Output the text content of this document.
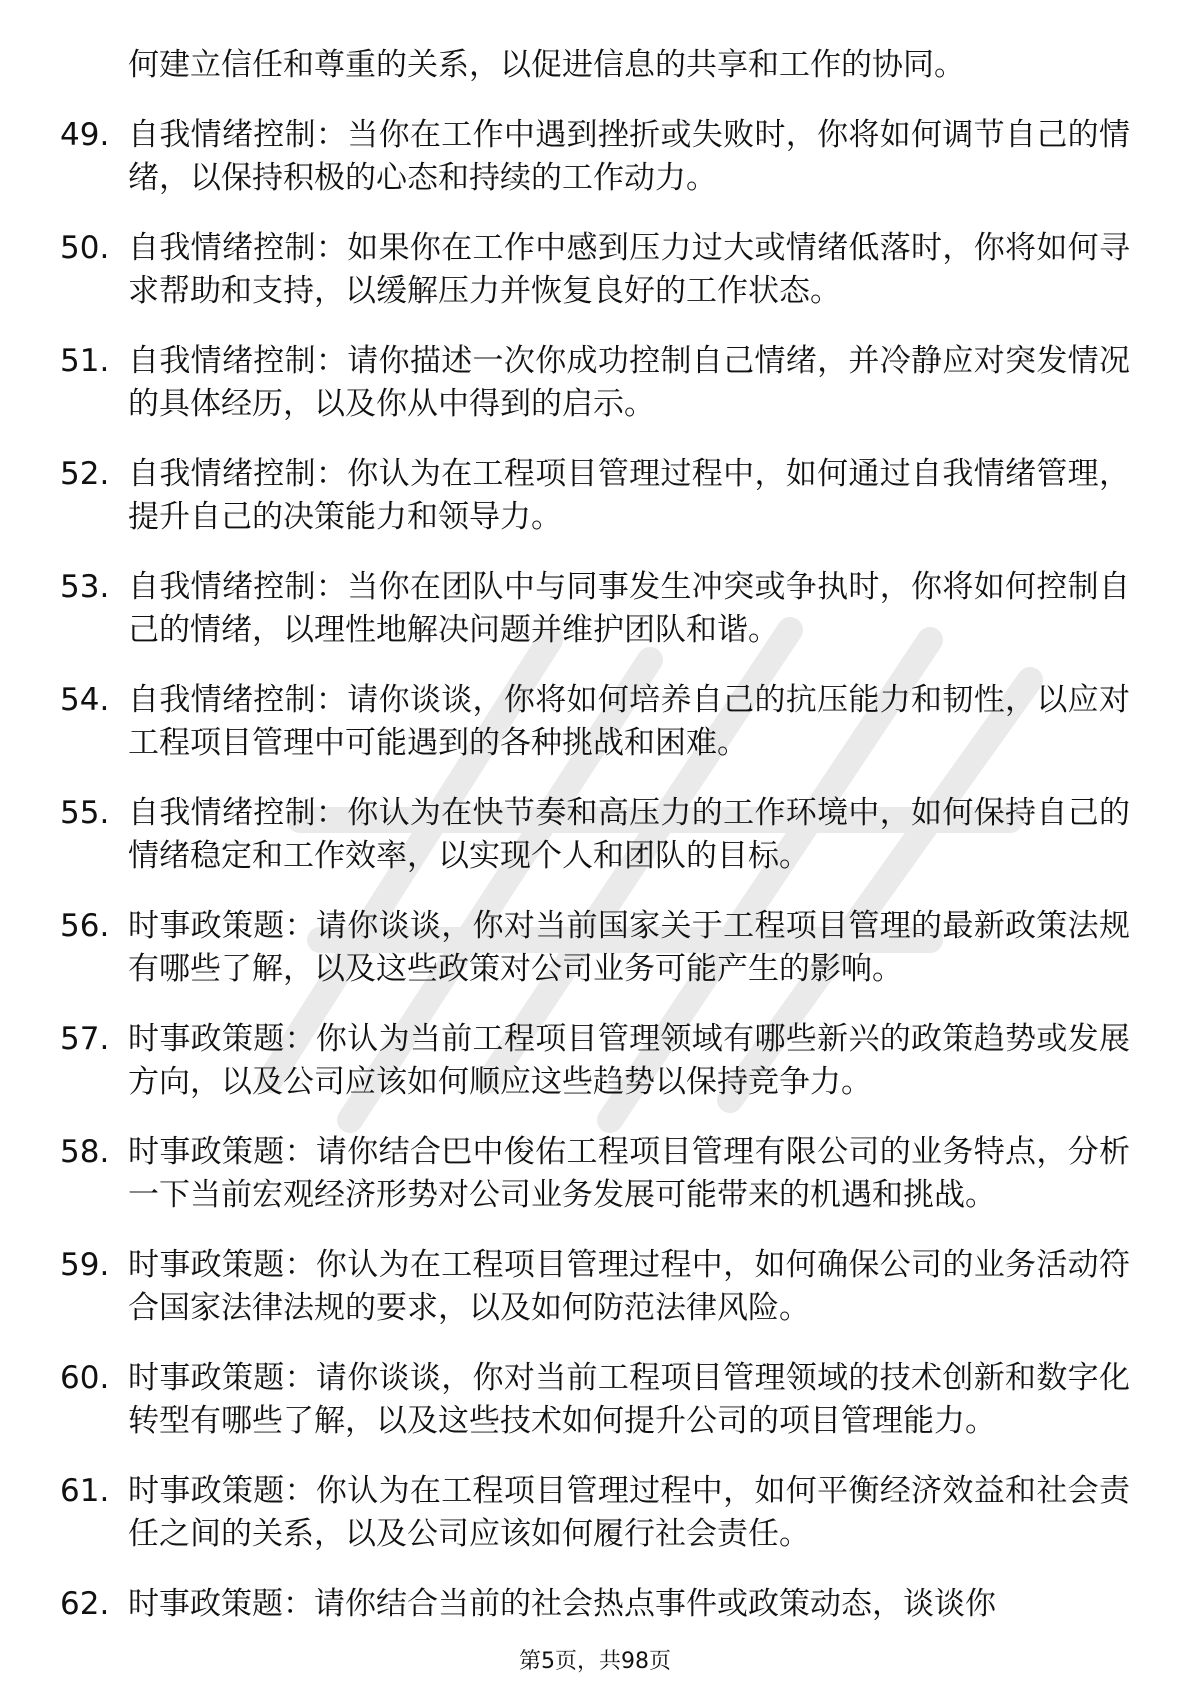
何建立信任和尊重的关系，以促进信息的共享和工作的协同。
49. 自我情绪控制：当你在工作中遇到挫折或失败时，你将如何调节自己的情绪，以保持积极的心态和持续的工作动力。
50. 自我情绪控制：如果你在工作中感到压力过大或情绪低落时，你将如何寻求帮助和支持，以缓解压力并恢复良好的工作状态。
51. 自我情绪控制：请你描述一次你成功控制自己情绪，并冷静应对突发情况的具体经历，以及你从中得到的启示。
52. 自我情绪控制：你认为在工程项目管理过程中，如何通过自我情绪管理，提升自己的决策能力和领导力。
53. 自我情绪控制：当你在团队中与同事发生冲突或争执时，你将如何控制自己的情绪，以理性地解决问题并维护团队和谐。
54. 自我情绪控制：请你谈谈，你将如何培养自己的抗压能力和韧性，以应对工程项目管理中可能遇到的各种挑战和困难。
55. 自我情绪控制：你认为在快节奏和高压力的工作环境中，如何保持自己的情绪稳定和工作效率，以实现个人和团队的目标。
56. 时事政策题：请你谈谈，你对当前国家关于工程项目管理的最新政策法规有哪些了解，以及这些政策对公司业务可能产生的影响。
57. 时事政策题：你认为当前工程项目管理领域有哪些新兴的政策趋势或发展方向，以及公司应该如何顺应这些趋势以保持竞争力。
58. 时事政策题：请你结合巴中俊佑工程项目管理有限公司的业务特点，分析一下当前宏观经济形势对公司业务发展可能带来的机遇和挑战。
59. 时事政策题：你认为在工程项目管理过程中，如何确保公司的业务活动符合国家法律法规的要求，以及如何防范法律风险。
60. 时事政策题：请你谈谈，你对当前工程项目管理领域的技术创新和数字化转型有哪些了解，以及这些技术如何提升公司的项目管理能力。
61. 时事政策题：你认为在工程项目管理过程中，如何平衡经济效益和社会责任之间的关系，以及公司应该如何履行社会责任。
62. 时事政策题：请你结合当前的社会热点事件或政策动态，谈谈你
第5页，共98页
